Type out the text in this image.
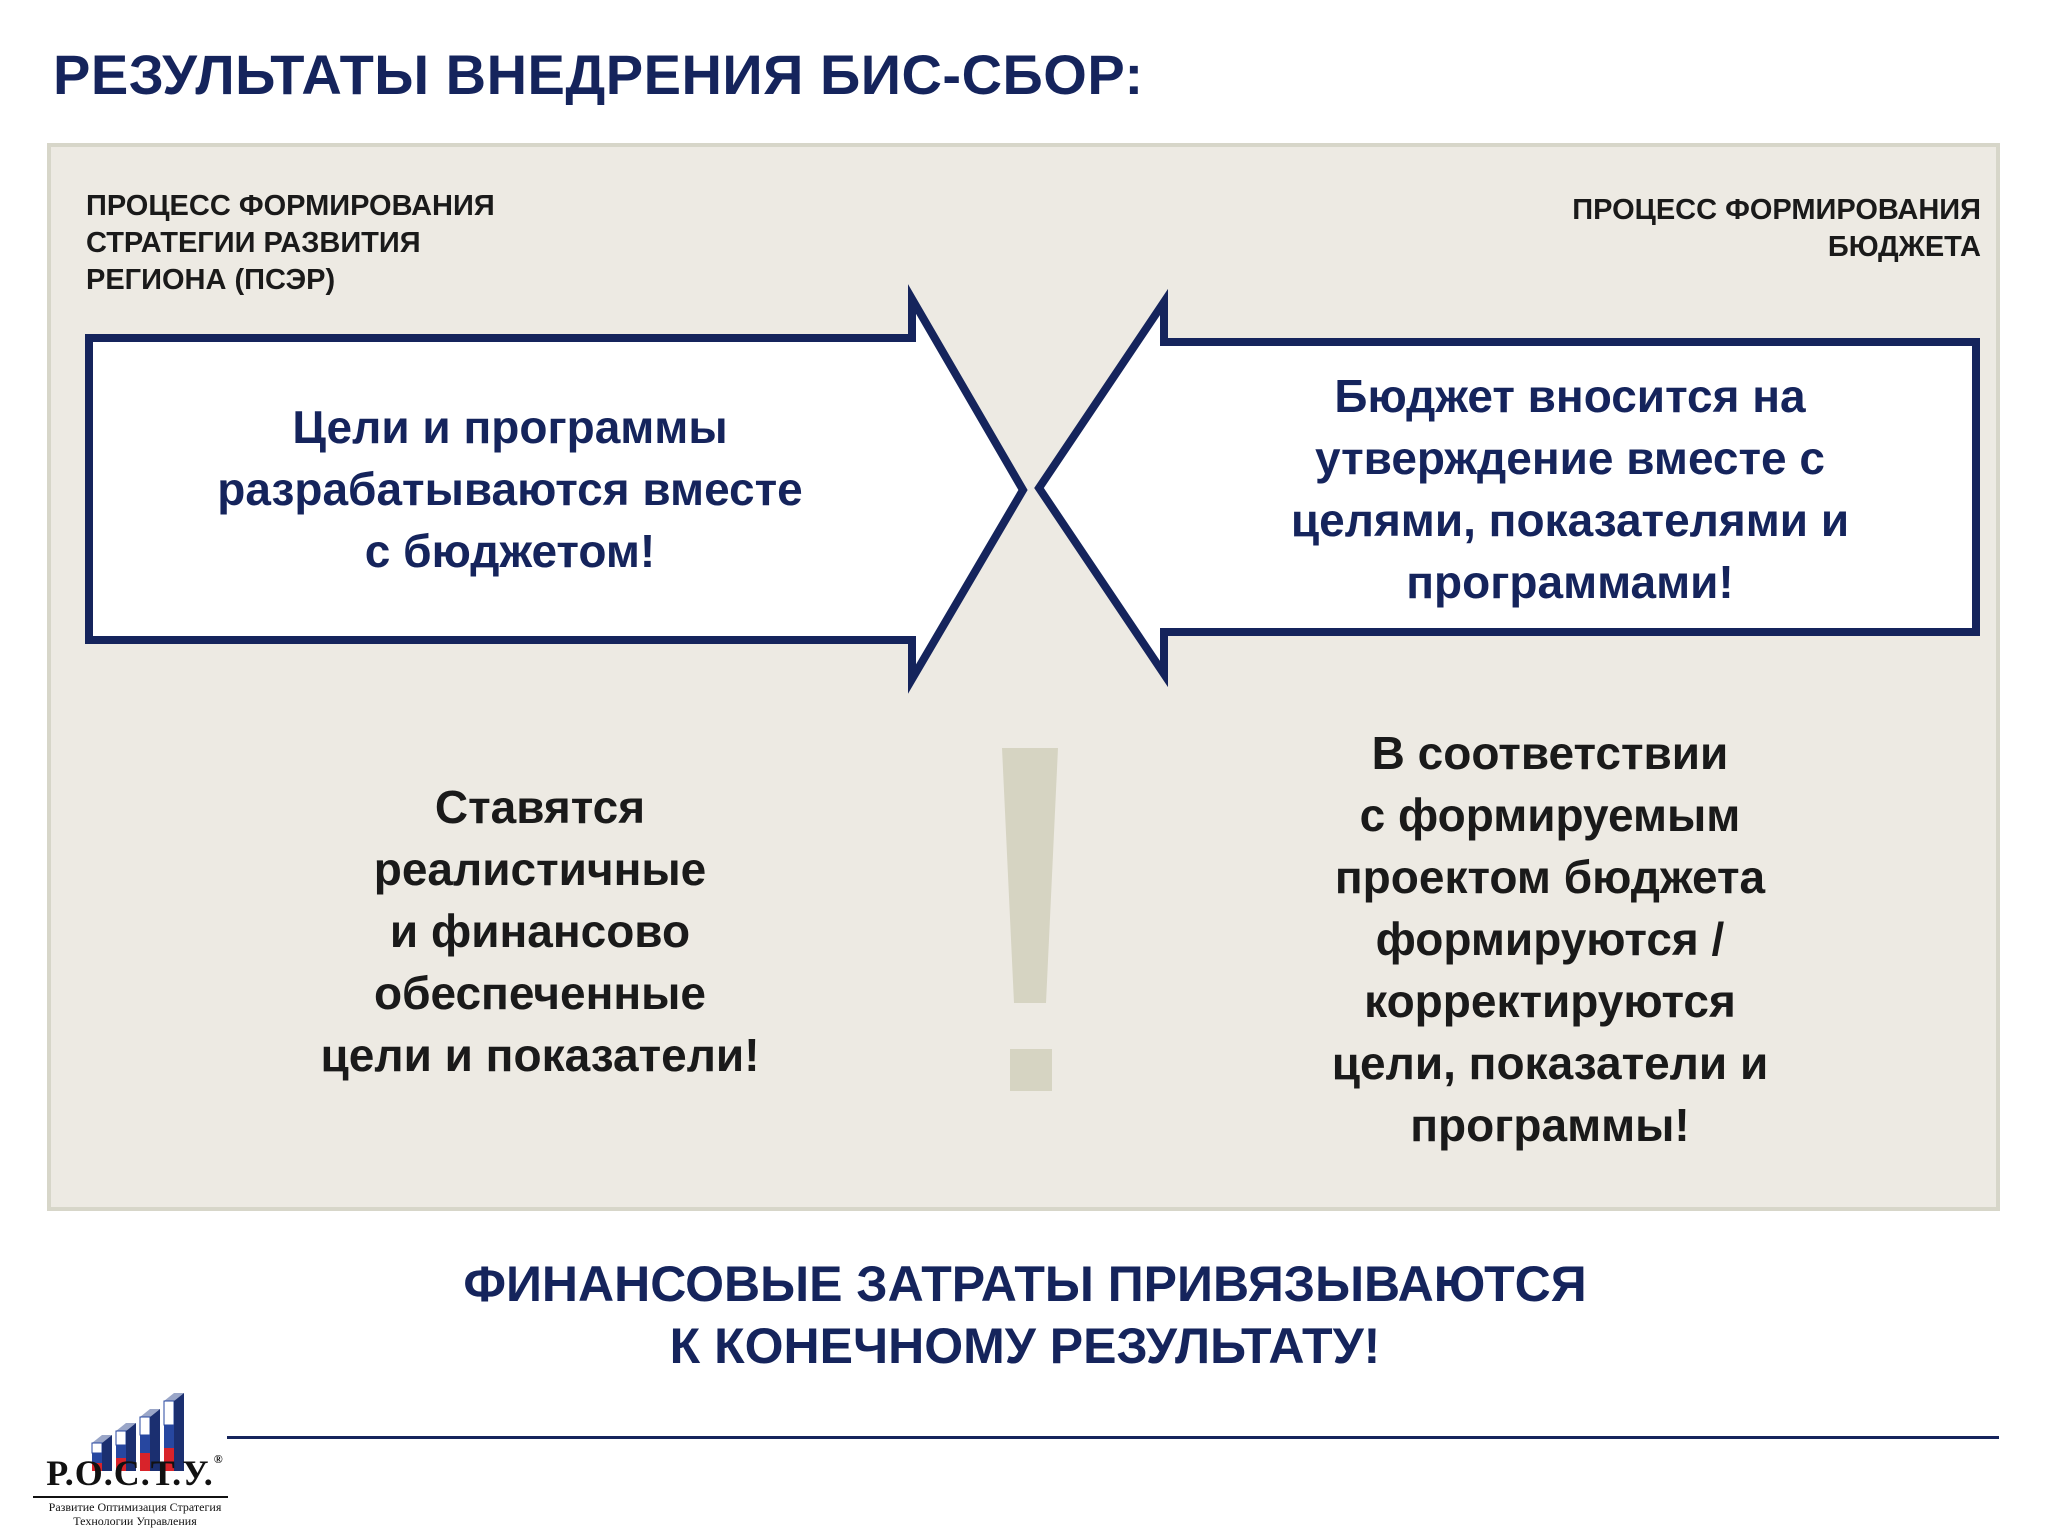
РЕЗУЛЬТАТЫ ВНЕДРЕНИЯ БИС-СБОР:
ПРОЦЕСС ФОРМИРОВАНИЯ
СТРАТЕГИИ РАЗВИТИЯ
РЕГИОНА (ПСЭР)
ПРОЦЕСС ФОРМИРОВАНИЯ
БЮДЖЕТА
Цели и программы
разрабатываются вместе
с бюджетом!
Бюджет вносится на
утверждение вместе с
целями, показателями и
программами!
Ставятся
реалистичные
и финансово
обеспеченные
цели и показатели!
В соответствии
с формируемым
проектом бюджета
формируются /
корректируются
цели, показатели и
программы!
ФИНАНСОВЫЕ ЗАТРАТЫ ПРИВЯЗЫВАЮТСЯ
К КОНЕЧНОМУ РЕЗУЛЬТАТУ!
Р.О.С.Т.У.®
Развитие Оптимизация Стратегия
Технологии Управления
